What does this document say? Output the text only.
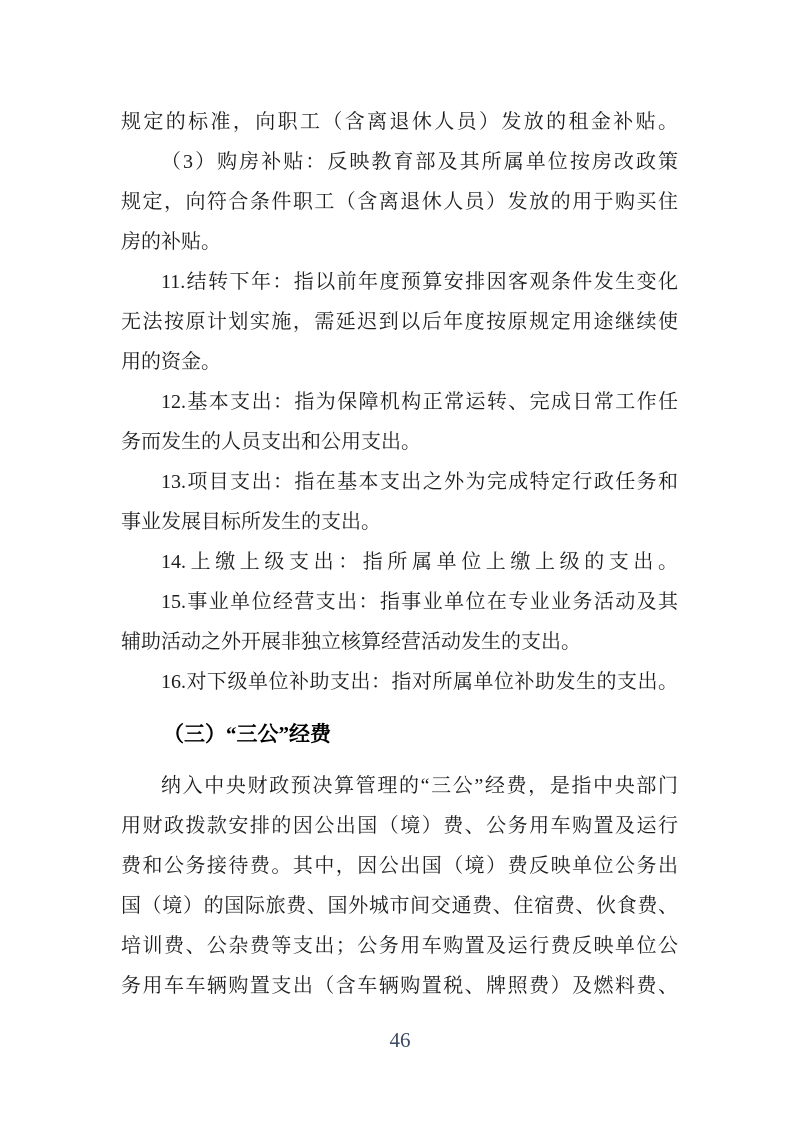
规定的标准，向职工（含离退休人员）发放的租金补贴。
（3）购房补贴：反映教育部及其所属单位按房改政策
规定，向符合条件职工（含离退休人员）发放的用于购买住
房的补贴。
11.结转下年：指以前年度预算安排因客观条件发生变化
无法按原计划实施，需延迟到以后年度按原规定用途继续使
用的资金。
12.基本支出：指为保障机构正常运转、完成日常工作任
务而发生的人员支出和公用支出。
13.项目支出：指在基本支出之外为完成特定行政任务和
事业发展目标所发生的支出。
14.上缴上级支出：指所属单位上缴上级的支出。
15.事业单位经营支出：指事业单位在专业业务活动及其
辅助活动之外开展非独立核算经营活动发生的支出。
16.对下级单位补助支出：指对所属单位补助发生的支出。
（三）“三公”经费
纳入中央财政预决算管理的“三公”经费，是指中央部门
用财政拨款安排的因公出国（境）费、公务用车购置及运行
费和公务接待费。其中，因公出国（境）费反映单位公务出
国（境）的国际旅费、国外城市间交通费、住宿费、伙食费、
培训费、公杂费等支出；公务用车购置及运行费反映单位公
务用车车辆购置支出（含车辆购置税、牌照费）及燃料费、
46
